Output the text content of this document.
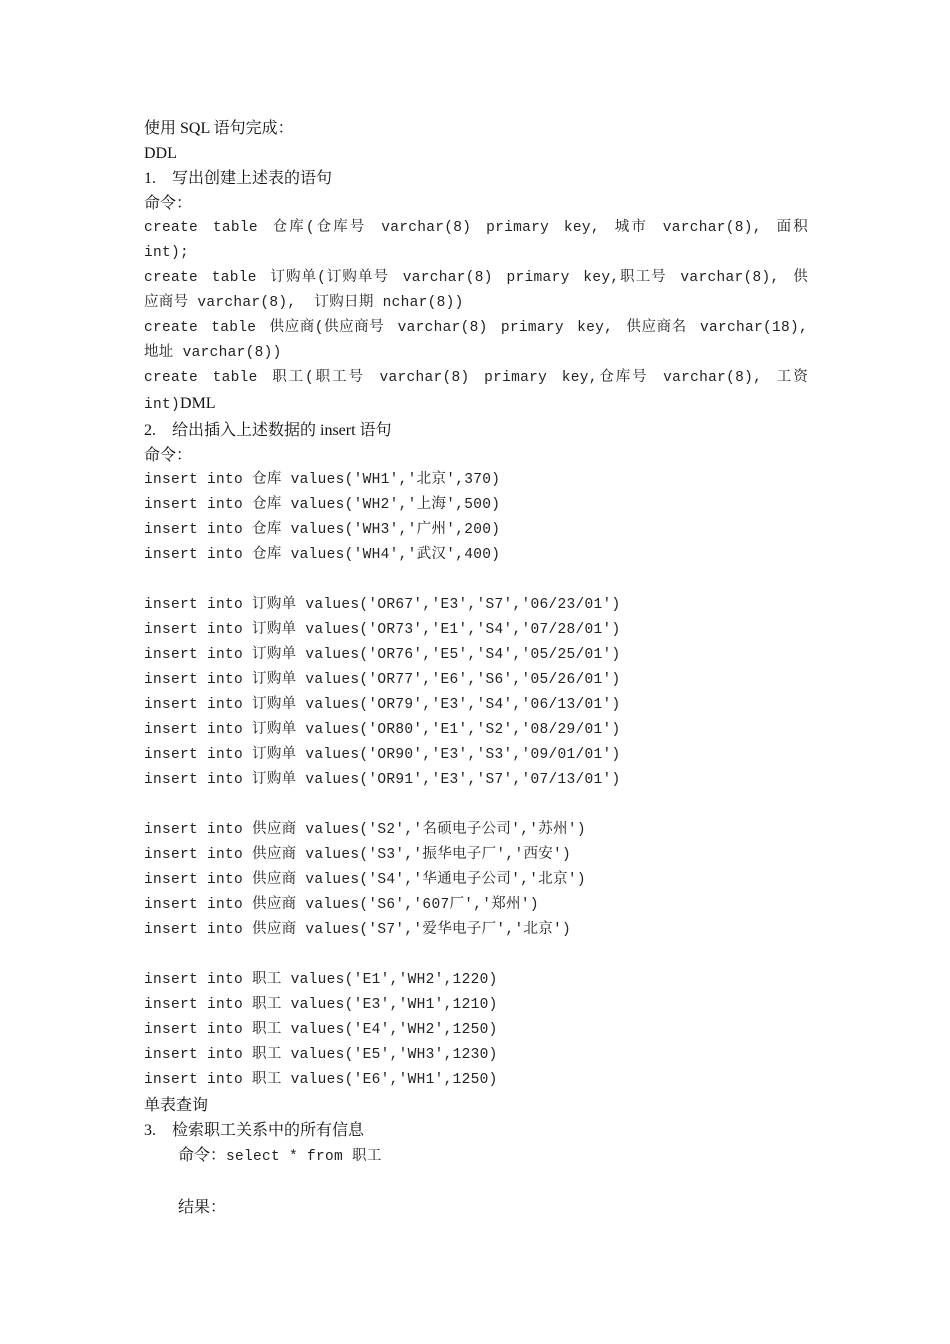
使用 SQL 语句完成：
DDL
1. 写出创建上述表的语句
命令：
create table 仓库(仓库号 varchar(8) primary key, 城市 varchar(8), 面积
int);
create table 订购单(订购单号 varchar(8) primary key,职工号 varchar(8), 供
应商号 varchar(8),  订购日期 nchar(8))
create table 供应商(供应商号 varchar(8) primary key, 供应商名 varchar(18),
地址 varchar(8))
create table 职工(职工号 varchar(8) primary key,仓库号 varchar(8), 工资
int)DML
2. 给出插入上述数据的 insert 语句
命令：
insert into 仓库 values('WH1','北京',370)
insert into 仓库 values('WH2','上海',500)
insert into 仓库 values('WH3','广州',200)
insert into 仓库 values('WH4','武汉',400)
insert into 订购单 values('OR67','E3','S7','06/23/01')
insert into 订购单 values('OR73','E1','S4','07/28/01')
insert into 订购单 values('OR76','E5','S4','05/25/01')
insert into 订购单 values('OR77','E6','S6','05/26/01')
insert into 订购单 values('OR79','E3','S4','06/13/01')
insert into 订购单 values('OR80','E1','S2','08/29/01')
insert into 订购单 values('OR90','E3','S3','09/01/01')
insert into 订购单 values('OR91','E3','S7','07/13/01')
insert into 供应商 values('S2','名硕电子公司','苏州')
insert into 供应商 values('S3','振华电子厂','西安')
insert into 供应商 values('S4','华通电子公司','北京')
insert into 供应商 values('S6','607厂','郑州')
insert into 供应商 values('S7','爱华电子厂','北京')
insert into 职工 values('E1','WH2',1220)
insert into 职工 values('E3','WH1',1210)
insert into 职工 values('E4','WH2',1250)
insert into 职工 values('E5','WH3',1230)
insert into 职工 values('E6','WH1',1250)
单表查询
3. 检索职工关系中的所有信息
命令：select * from 职工
结果：
